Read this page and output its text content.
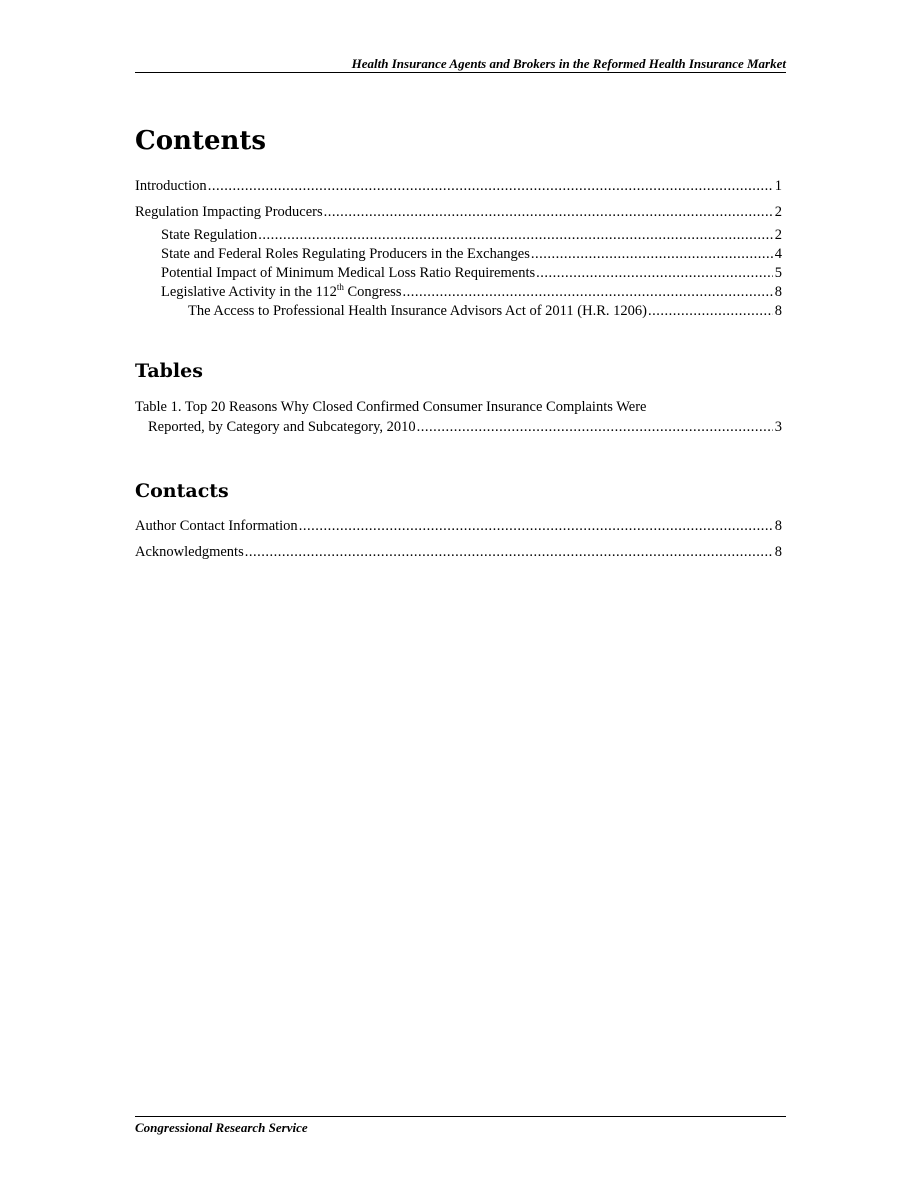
Health Insurance Agents and Brokers in the Reformed Health Insurance Market
Contents
Introduction .....	1
Regulation Impacting Producers .....	2
State Regulation .....	2
State and Federal Roles Regulating Producers in the Exchanges .....	4
Potential Impact of Minimum Medical Loss Ratio Requirements .....	5
Legislative Activity in the 112th Congress .....	8
The Access to Professional Health Insurance Advisors Act of 2011 (H.R. 1206) .....	8
Tables
Table 1. Top 20 Reasons Why Closed Confirmed Consumer Insurance Complaints Were
Reported, by Category and Subcategory, 2010 .....	3
Contacts
Author Contact Information .....	8
Acknowledgments .....	8
Congressional Research Service
